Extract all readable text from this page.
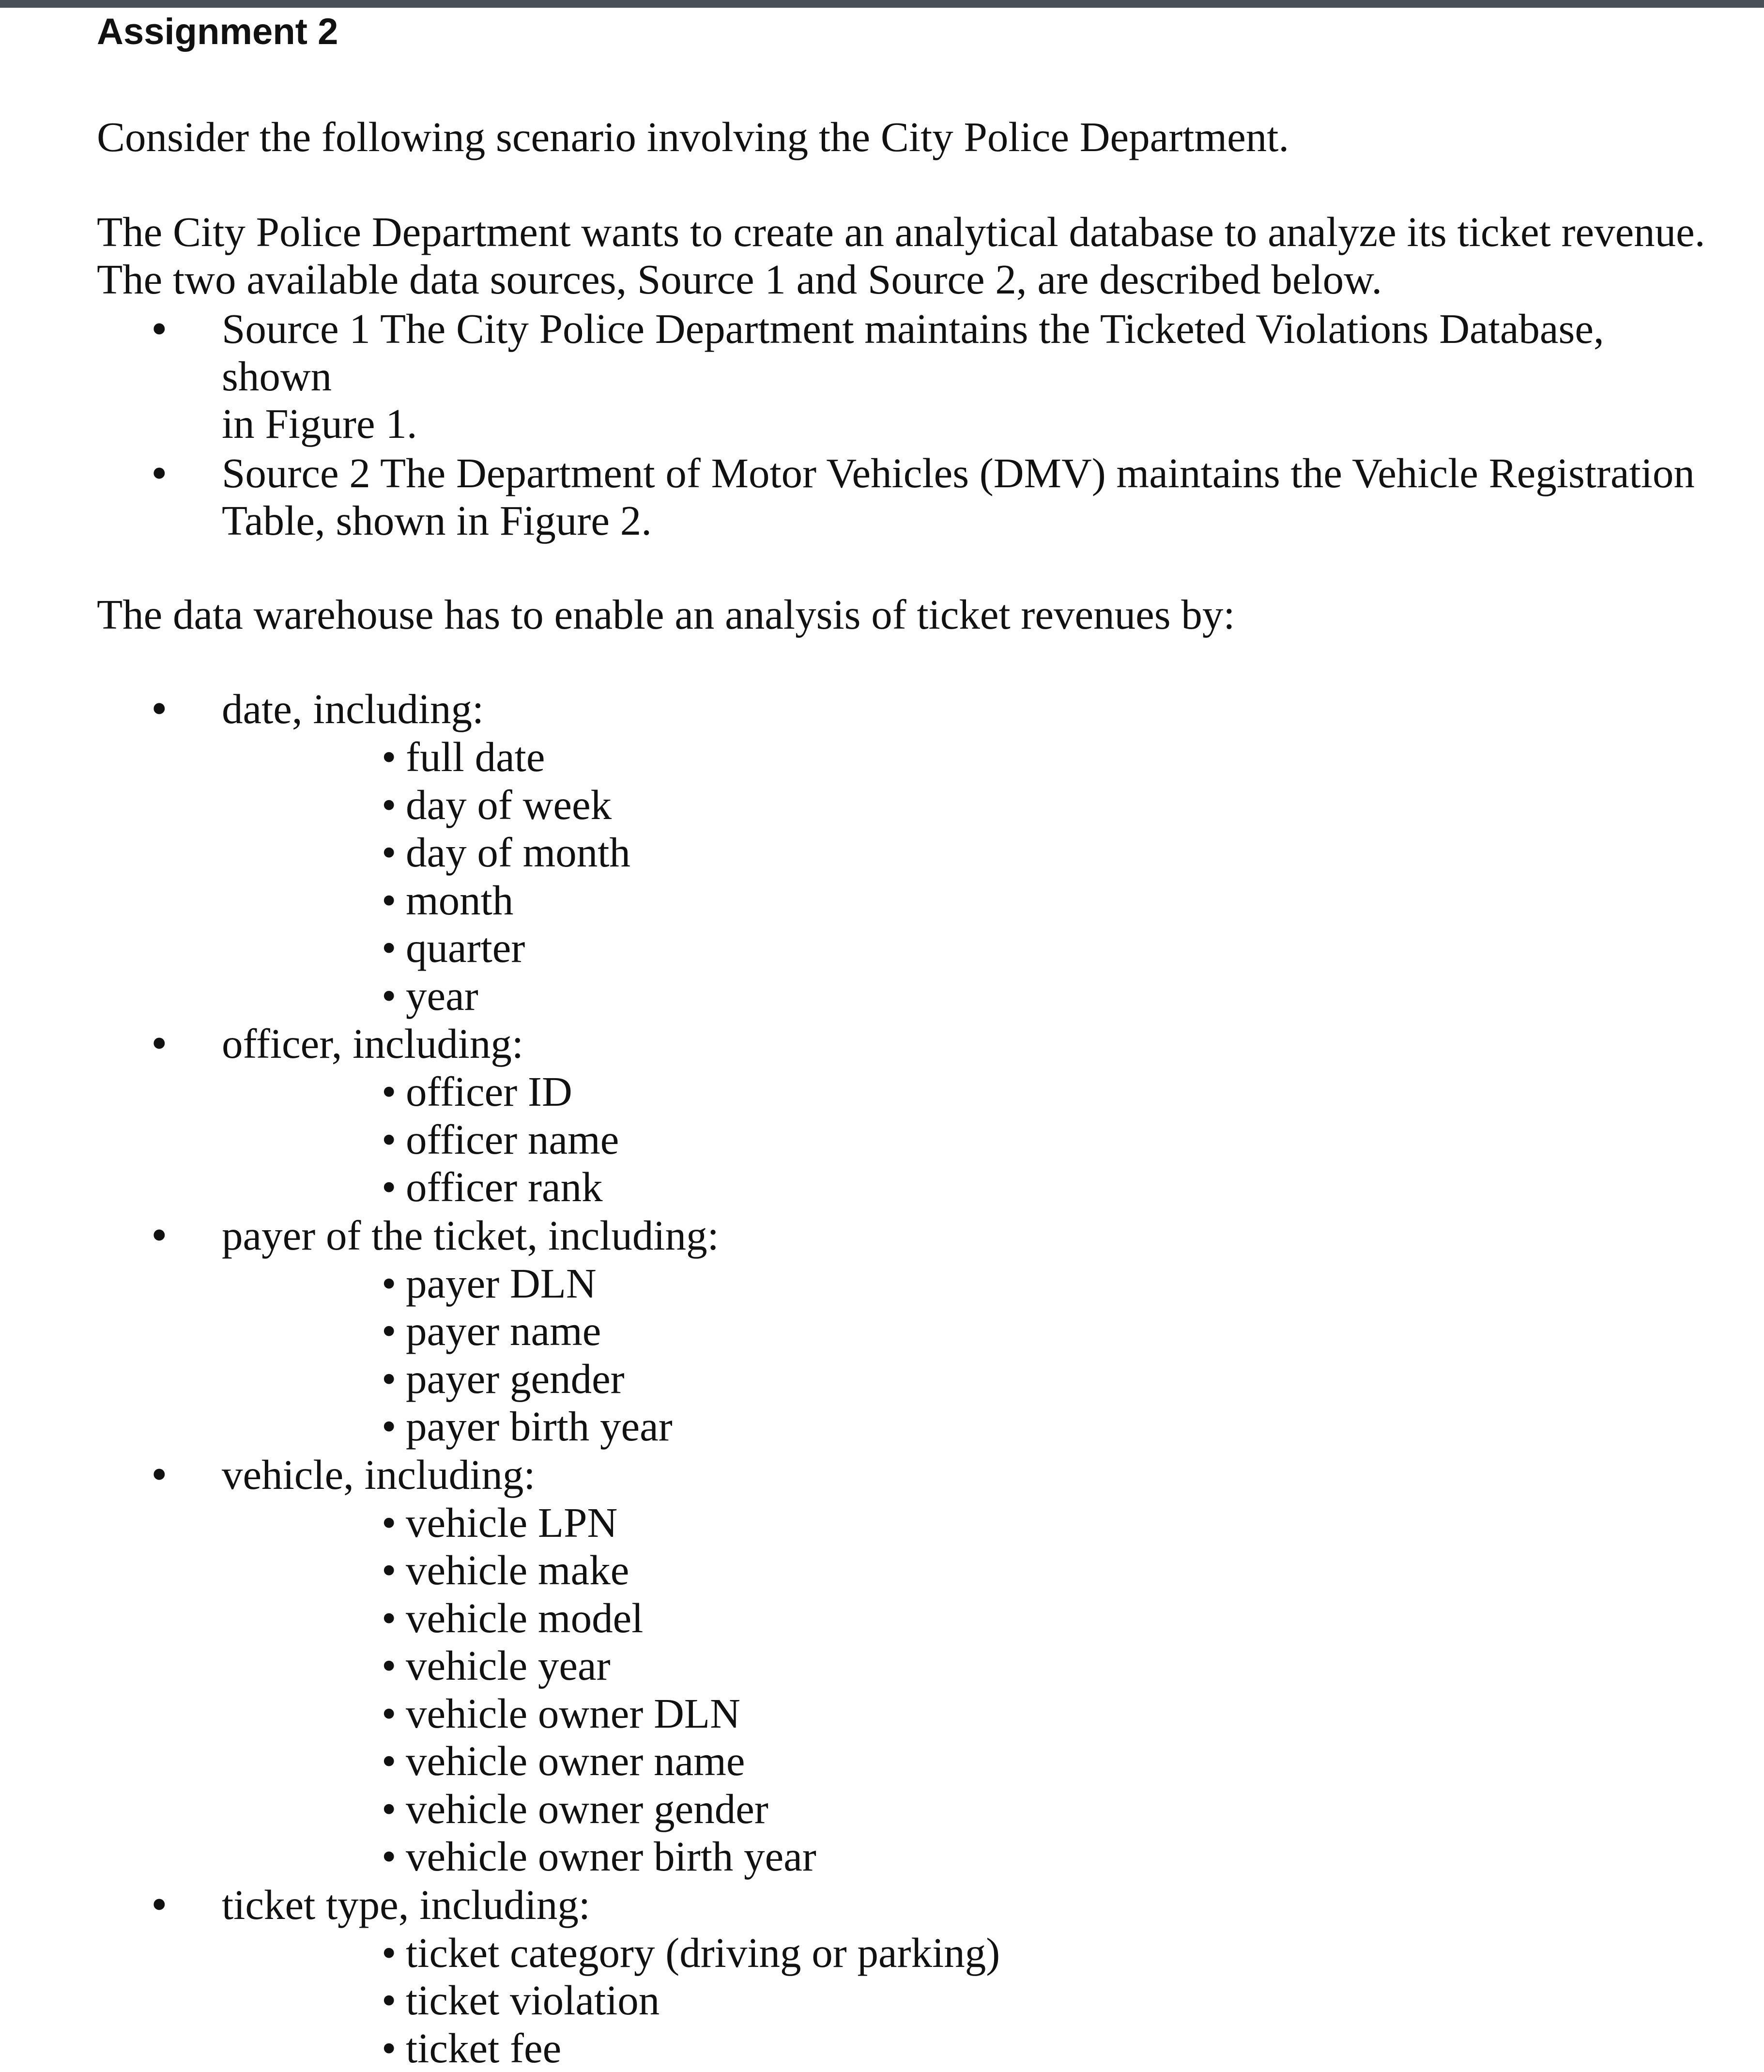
Assignment 2

Consider the following scenario involving the City Police Department.

The City Police Department wants to create an analytical database to analyze its ticket revenue.

The two available data sources, Source 1 and Source 2, are described below.

• Source 1 The City Police Department maintains the Ticketed Violations Database, shown
in Figure 1.
• Source 2 The Department of Motor Vehicles (DMV) maintains the Vehicle Registration
Table, shown in Figure 2.

The data warehouse has to enable an analysis of ticket revenues by:

• date, including:
• full date
• day of week
• day of month
• month
• quarter
• year
• officer, including:
• officer ID
• officer name
• officer rank
• payer of the ticket, including:
• payer DLN
• payer name
• payer gender
• payer birth year
• vehicle, including:
• vehicle LPN
• vehicle make
• vehicle model
• vehicle year
• vehicle owner DLN
• vehicle owner name
• vehicle owner gender
• vehicle owner birth year
• ticket type, including:
• ticket category (driving or parking)
• ticket violation
• ticket fee
